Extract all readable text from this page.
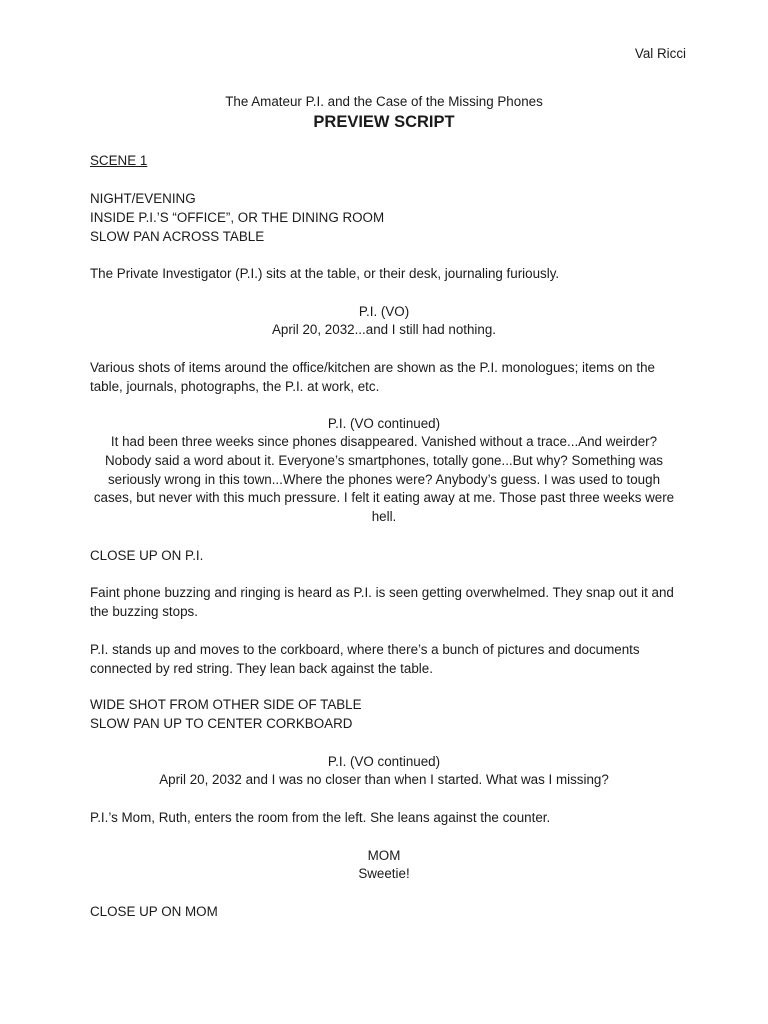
Val Ricci
The Amateur P.I. and the Case of the Missing Phones
PREVIEW SCRIPT
SCENE 1
NIGHT/EVENING
INSIDE P.I.’S “OFFICE”, OR THE DINING ROOM
SLOW PAN ACROSS TABLE
The Private Investigator (P.I.) sits at the table, or their desk, journaling furiously.
P.I. (VO)
April 20, 2032...and I still had nothing.
Various shots of items around the office/kitchen are shown as the P.I. monologues; items on the table, journals, photographs, the P.I. at work, etc.
P.I. (VO continued)
It had been three weeks since phones disappeared. Vanished without a trace...And weirder? Nobody said a word about it. Everyone’s smartphones, totally gone...But why? Something was seriously wrong in this town...Where the phones were? Anybody’s guess. I was used to tough cases, but never with this much pressure. I felt it eating away at me. Those past three weeks were hell.
CLOSE UP ON P.I.
Faint phone buzzing and ringing is heard as P.I. is seen getting overwhelmed. They snap out it and the buzzing stops.
P.I. stands up and moves to the corkboard, where there’s a bunch of pictures and documents connected by red string. They lean back against the table.
WIDE SHOT FROM OTHER SIDE OF TABLE
SLOW PAN UP TO CENTER CORKBOARD
P.I. (VO continued)
April 20, 2032 and I was no closer than when I started. What was I missing?
P.I.’s Mom, Ruth, enters the room from the left. She leans against the counter.
MOM
Sweetie!
CLOSE UP ON MOM
